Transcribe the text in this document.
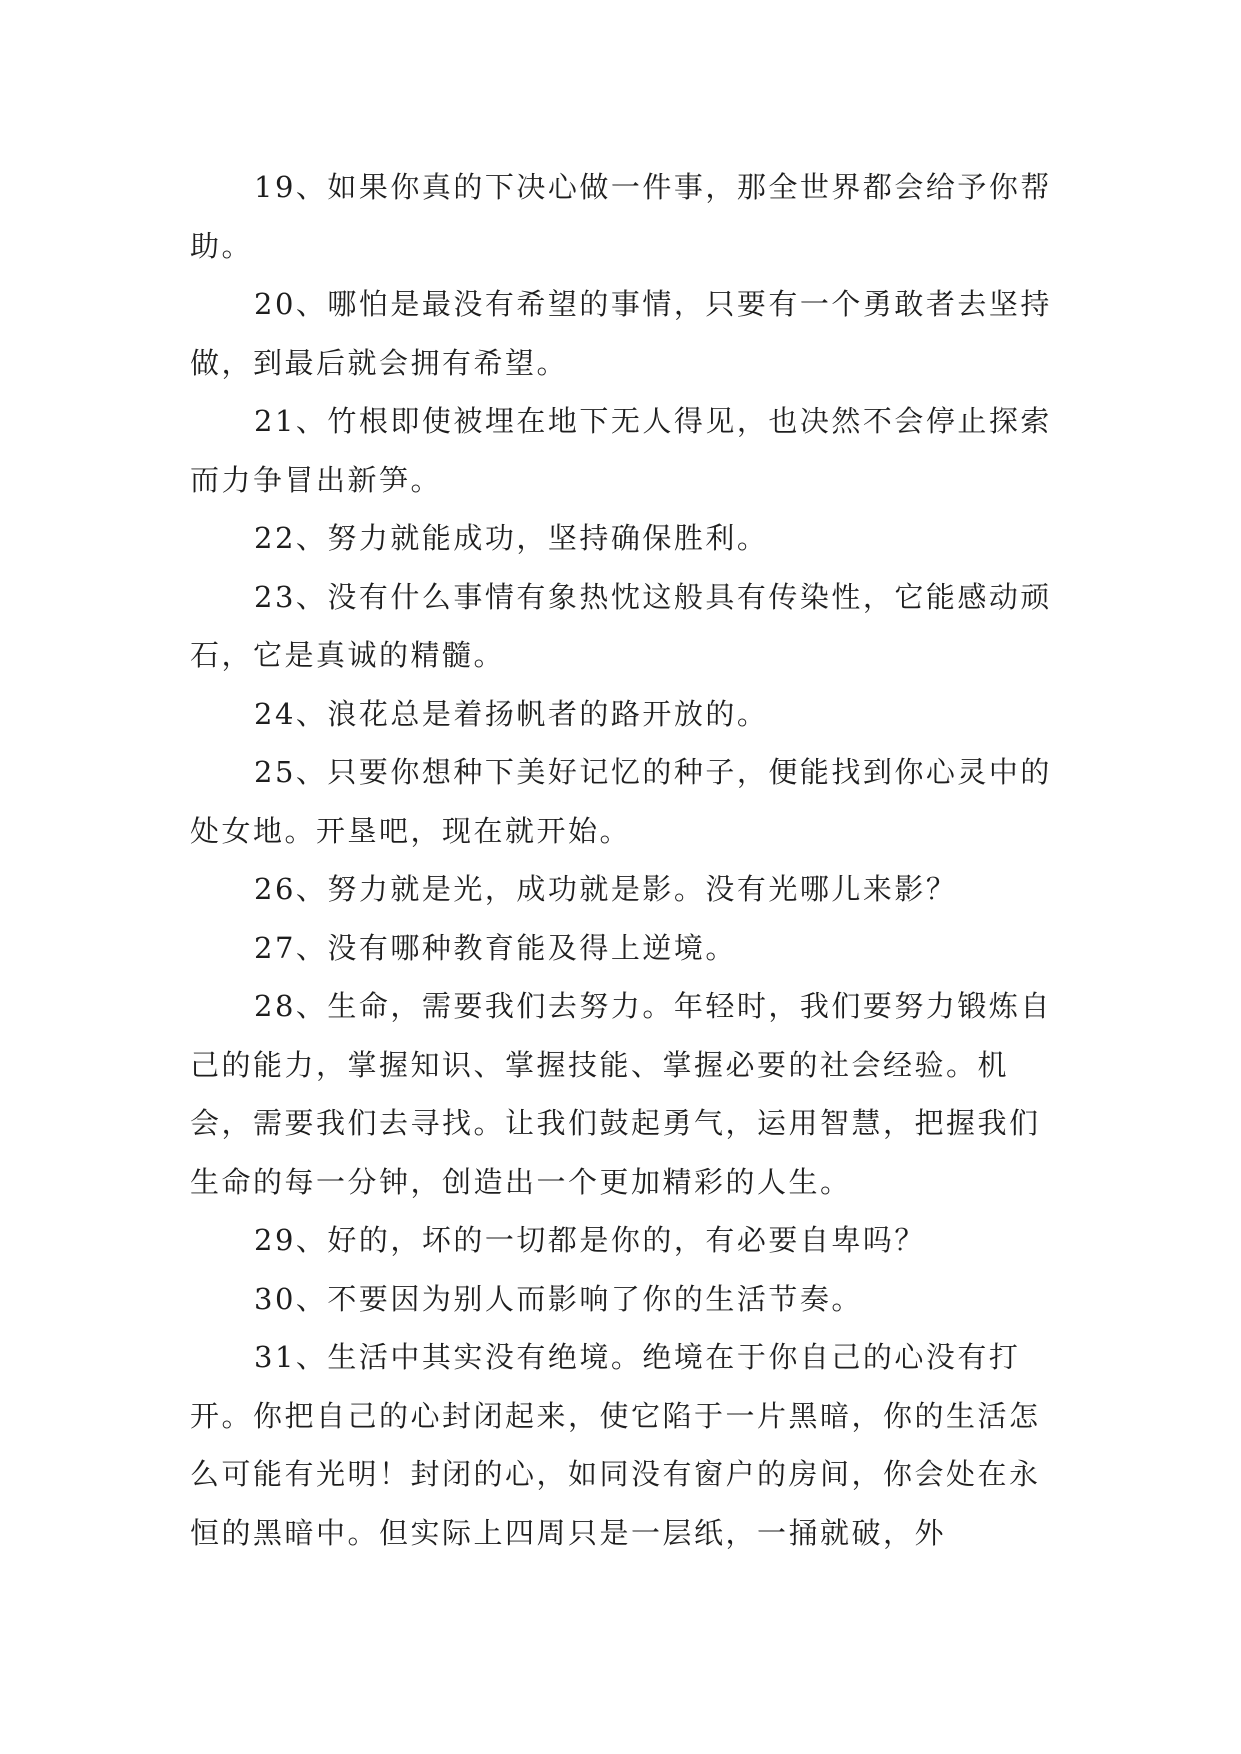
19、如果你真的下决心做一件事，那全世界都会给予你帮助。

20、哪怕是最没有希望的事情，只要有一个勇敢者去坚持做，到最后就会拥有希望。

21、竹根即使被埋在地下无人得见，也决然不会停止探索而力争冒出新笋。

22、努力就能成功，坚持确保胜利。

23、没有什么事情有象热忱这般具有传染性，它能感动顽石，它是真诚的精髓。

24、浪花总是着扬帆者的路开放的。

25、只要你想种下美好记忆的种子，便能找到你心灵中的处女地。开垦吧，现在就开始。

26、努力就是光，成功就是影。没有光哪儿来影？

27、没有哪种教育能及得上逆境。

28、生命，需要我们去努力。年轻时，我们要努力锻炼自己的能力，掌握知识、掌握技能、掌握必要的社会经验。机会，需要我们去寻找。让我们鼓起勇气，运用智慧，把握我们生命的每一分钟，创造出一个更加精彩的人生。

29、好的，坏的一切都是你的，有必要自卑吗？

30、不要因为别人而影响了你的生活节奏。

31、生活中其实没有绝境。绝境在于你自己的心没有打开。你把自己的心封闭起来，使它陷于一片黑暗，你的生活怎么可能有光明！封闭的心，如同没有窗户的房间，你会处在永恒的黑暗中。但实际上四周只是一层纸，一捅就破，外
